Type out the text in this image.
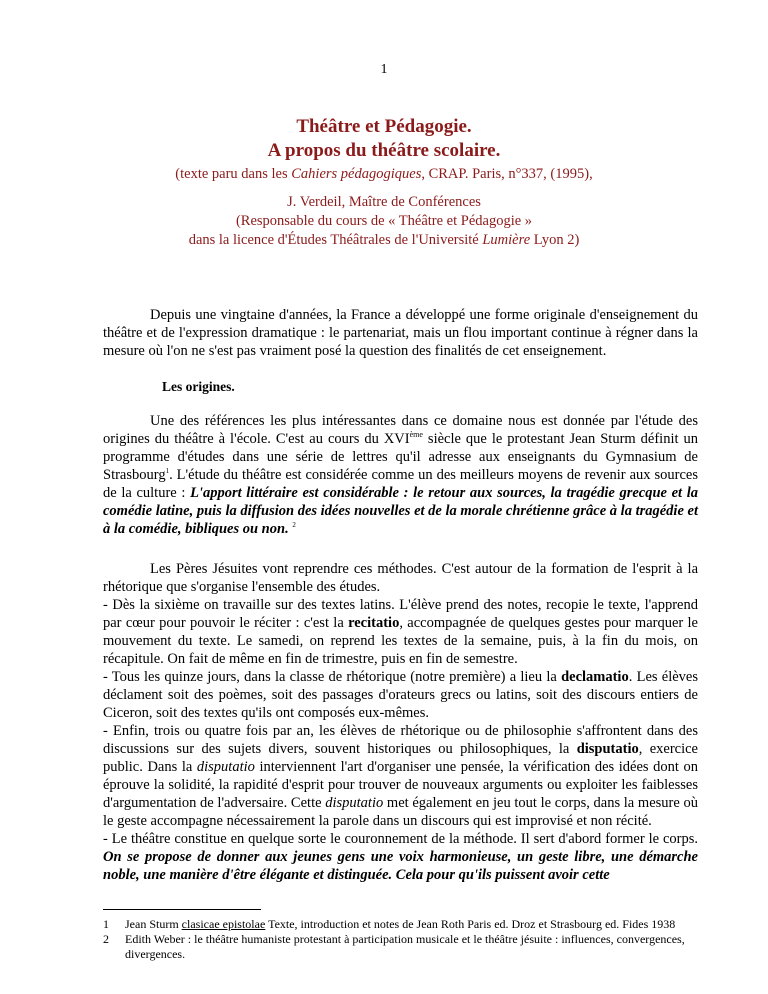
1
Théâtre et Pédagogie.
A propos du théâtre scolaire.
(texte paru dans les Cahiers pédagogiques, CRAP. Paris, n°337, (1995),
J. Verdeil, Maître de Conférences
(Responsable du cours de « Théâtre et Pédagogie »
dans la licence d'Études Théâtrales de l'Université Lumière Lyon 2)

Depuis une vingtaine d'années, la France a développé une forme originale d'enseignement du théâtre et de l'expression dramatique : le partenariat, mais un flou important continue à régner dans la mesure où l'on ne s'est pas vraiment posé la question des finalités de cet enseignement.

Les origines.

Une des références les plus intéressantes dans ce domaine nous est donnée par l'étude des origines du théâtre à l'école. C'est au cours du XVIème siècle que le protestant Jean Sturm définit un programme d'études dans une série de lettres qu'il adresse aux enseignants du Gymnasium de Strasbourg$^1$. L'étude du théâtre est considérée comme un des meilleurs moyens de revenir aux sources de la culture : L'apport littéraire est considérable : le retour aux sources, la tragédie grecque et la comédie latine, puis la diffusion des idées nouvelles et de la morale chrétienne grâce à la tragédie et à la comédie, bibliques ou non. $^2$

Les Pères Jésuites vont reprendre ces méthodes. C'est autour de la formation de l'esprit à la rhétorique que s'organise l'ensemble des études.

- Dès la sixième on travaille sur des textes latins. L'élève prend des notes, recopie le texte, l'apprend par cœur pour pouvoir le réciter : c'est la recitatio, accompagnée de quelques gestes pour marquer le mouvement du texte. Le samedi, on reprend les textes de la semaine, puis, à la fin du mois, on récapitule. On fait de même en fin de trimestre, puis en fin de semestre.

- Tous les quinze jours, dans la classe de rhétorique (notre première) a lieu la declamatio. Les élèves déclament soit des poèmes, soit des passages d'orateurs grecs ou latins, soit des discours entiers de Ciceron, soit des textes qu'ils ont composés eux-mêmes.

- Enfin, trois ou quatre fois par an, les élèves de rhétorique ou de philosophie s'affrontent dans des discussions sur des sujets divers, souvent historiques ou philosophiques, la disputatio, exercice public. Dans la disputatio interviennent l'art d'organiser une pensée, la vérification des idées dont on éprouve la solidité, la rapidité d'esprit pour trouver de nouveaux arguments ou exploiter les faiblesses d'argumentation de l'adversaire. Cette disputatio met également en jeu tout le corps, dans la mesure où le geste accompagne nécessairement la parole dans un discours qui est improvisé et non récité.

- Le théâtre constitue en quelque sorte le couronnement de la méthode. Il sert d'abord former le corps. On se propose de donner aux jeunes gens une voix harmonieuse, un geste libre, une démarche noble, une manière d'être élégante et distinguée. Cela pour qu'ils puissent avoir cette

1	Jean Sturm clasicae epistolae Texte, introduction et notes de Jean Roth Paris ed. Droz et Strasbourg ed. Fides 1938
2	Edith Weber : le théâtre humaniste protestant à participation musicale et le théâtre jésuite : influences, convergences, divergences.
